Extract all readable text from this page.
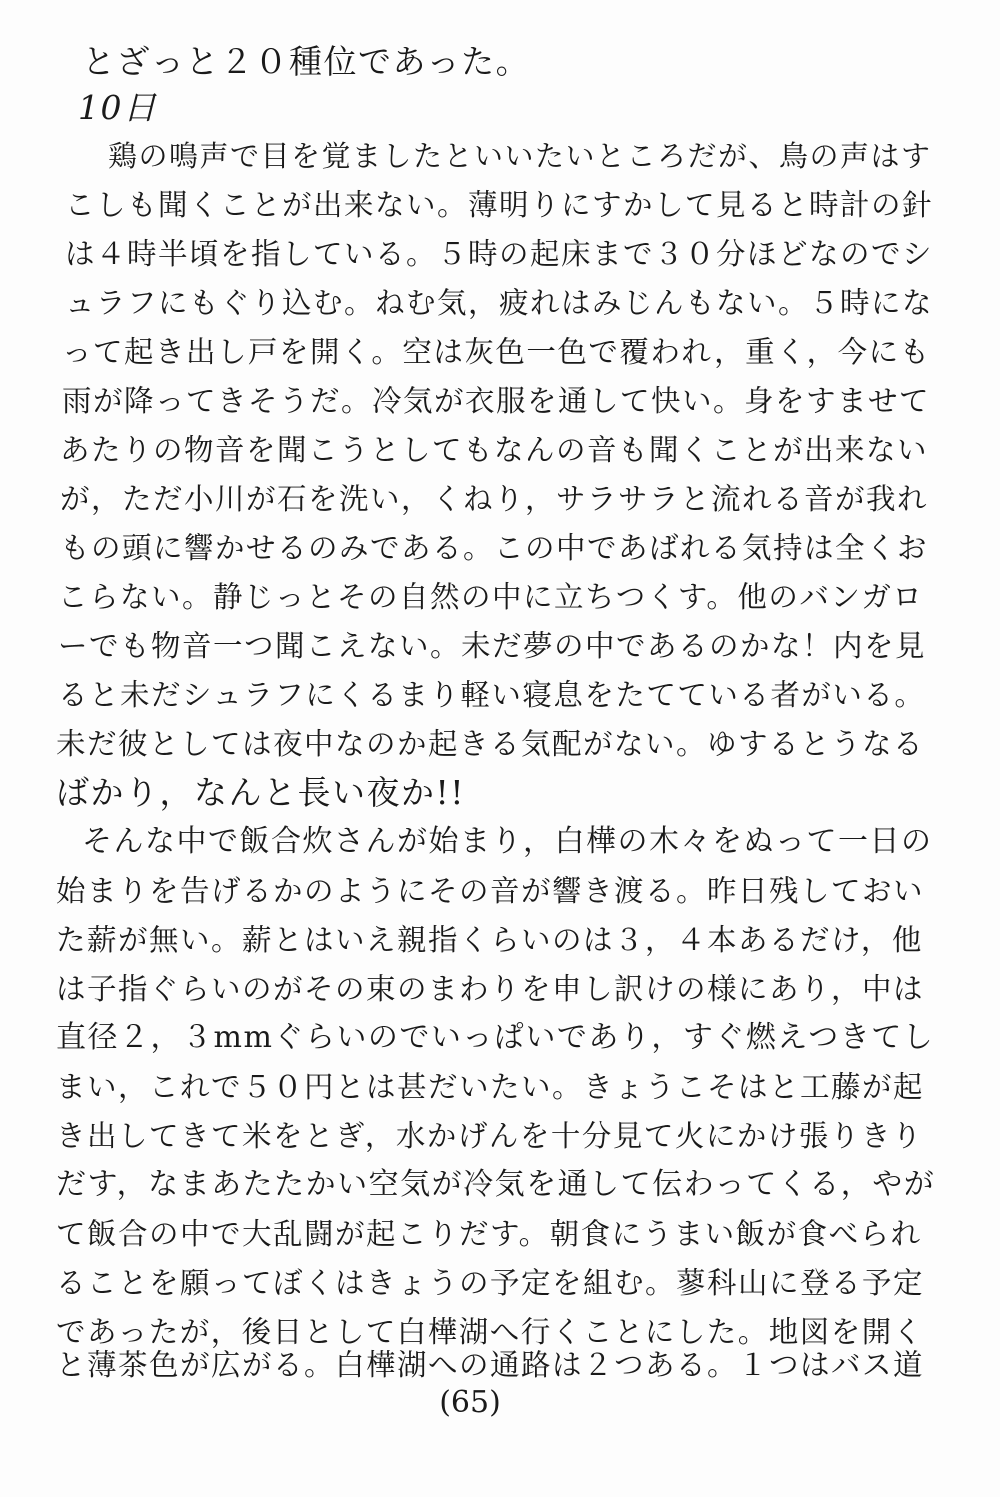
とざっと２０種位であった。
10日
鶏の鳴声で目を覚ましたといいたいところだが、鳥の声はす
こしも聞くことが出来ない。薄明りにすかして見ると時計の針
は４時半頃を指している。５時の起床まで３０分ほどなのでシ
ュラフにもぐり込む。ねむ気，疲れはみじんもない。５時にな
って起き出し戸を開く。空は灰色一色で覆われ，重く，今にも
雨が降ってきそうだ。冷気が衣服を通して快い。身をすませて
あたりの物音を聞こうとしてもなんの音も聞くことが出来ない
が，ただ小川が石を洗い，くねり，サラサラと流れる音が我れ
もの頭に響かせるのみである。この中であばれる気持は全くお
こらない。静じっとその自然の中に立ちつくす。他のバンガロ
ーでも物音一つ聞こえない。未だ夢の中であるのかな！内を見
ると未だシュラフにくるまり軽い寝息をたてている者がいる。
未だ彼としては夜中なのか起きる気配がない。ゆするとうなる
ばかり，なんと長い夜か!!
そんな中で飯合炊さんが始まり，白樺の木々をぬって一日の
始まりを告げるかのようにその音が響き渡る。昨日残しておい
た薪が無い。薪とはいえ親指くらいのは３，４本あるだけ，他
は子指ぐらいのがその束のまわりを申し訳けの様にあり，中は
直径２，３mmぐらいのでいっぱいであり，すぐ燃えつきてし
まい，これで５０円とは甚だいたい。きょうこそはと工藤が起
き出してきて米をとぎ，水かげんを十分見て火にかけ張りきり
だす，なまあたたかい空気が冷気を通して伝わってくる，やが
て飯合の中で大乱闘が起こりだす。朝食にうまい飯が食べられ
ることを願ってぼくはきょうの予定を組む。蓼科山に登る予定
であったが，後日として白樺湖へ行くことにした。地図を開く
と薄茶色が広がる。白樺湖への通路は２つある。１つはバス道
(65)
